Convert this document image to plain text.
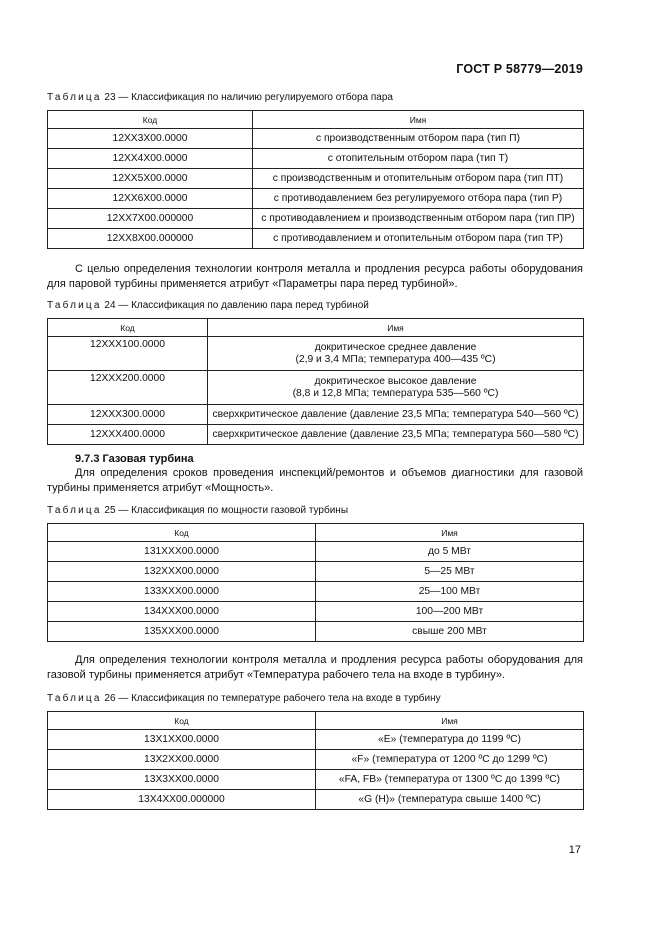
ГОСТ Р 58779—2019
Таблица 23 — Классификация по наличию регулируемого отбора пара
Код	Имя
12XX3X00.0000	с производственным отбором пара (тип П)
12XX4X00.0000	с отопительным отбором пара (тип Т)
12XX5X00.0000	с производственным и отопительным отбором пара (тип ПТ)
12XX6X00.0000	с противодавлением без регулируемого отбора пара (тип Р)
12XX7X00.000000	с противодавлением и производственным отбором пара (тип ПР)
12XX8X00.000000	с противодавлением и отопительным отбором пара (тип ТР)
С целью определения технологии контроля металла и продления ресурса работы оборудования для паровой турбины применяется атрибут «Параметры пара перед турбиной».
Таблица 24 — Классификация по давлению пара перед турбиной
Код	Имя
12XXX100.0000	докритическое среднее давление
(2,9 и 3,4 МПа; температура 400—435 ºС)

12XXX200.0000	докритическое высокое давление
(8,8 и 12,8 МПа; температура 535—560 ºС)

12XXX300.0000	сверхкритическое давление (давление 23,5 МПа; температура 540—560 ºС)
12XXX400.0000	сверхкритическое давление (давление 23,5 МПа; температура 560—580 ºС)
9.7.3 Газовая турбина
Для определения сроков проведения инспекций/ремонтов и объемов диагностики для газовой турбины применяется атрибут «Мощность».
Таблица 25 — Классификация по мощности газовой турбины
Код	Имя
131XXX00.0000	до 5 МВт
132XXX00.0000	5—25 МВт
133XXX00.0000	25—100 МВт
134XXX00.0000	100—200 МВт
135XXX00.0000	свыше 200 МВт
Для определения технологии контроля металла и продления ресурса работы оборудования для газовой турбины применяется атрибут «Температура рабочего тела на входе в турбину».
Таблица 26 — Классификация по температуре рабочего тела на входе в турбину
Код	Имя
13X1XX00.0000	«E» (температура до 1199 ºС)
13X2XX00.0000	«F» (температура от 1200 ºС до 1299 ºС)
13X3XX00.0000	«FA, FB» (температура от 1300 ºС до 1399 ºС)
13X4XX00.000000	«G (H)» (температура свыше 1400 ºС)
17
